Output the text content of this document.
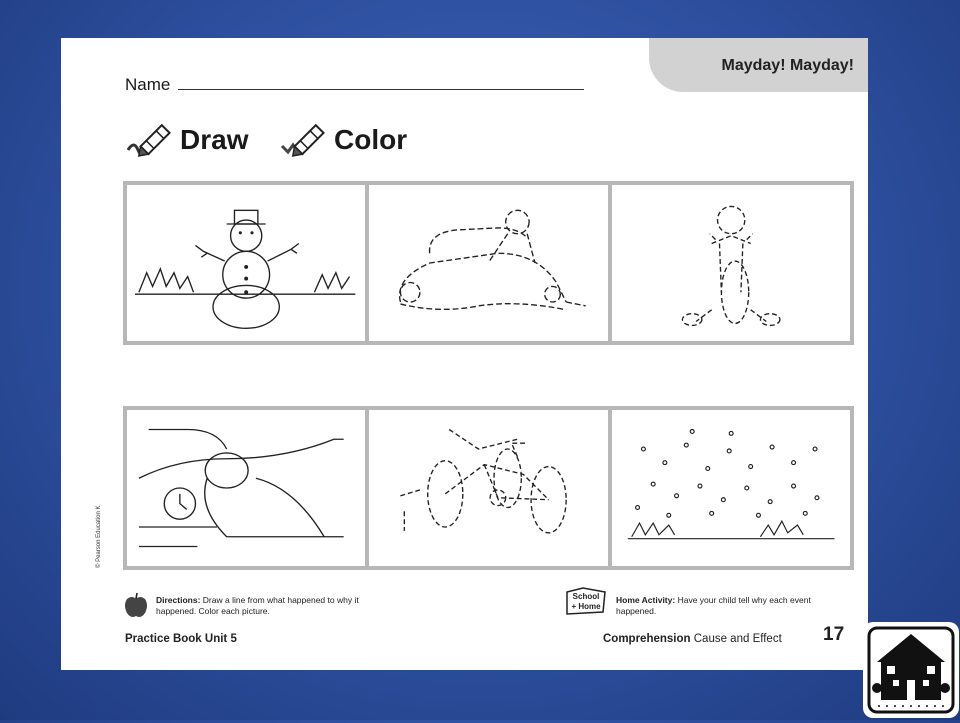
Mayday! Mayday!
Name
Draw	Color
Directions: Draw a line from what happened to why it happened. Color each picture.
School
+ Home
Home Activity: Have your child tell why each event happened.
Practice Book Unit 5	Comprehension Cause and Effect 17
